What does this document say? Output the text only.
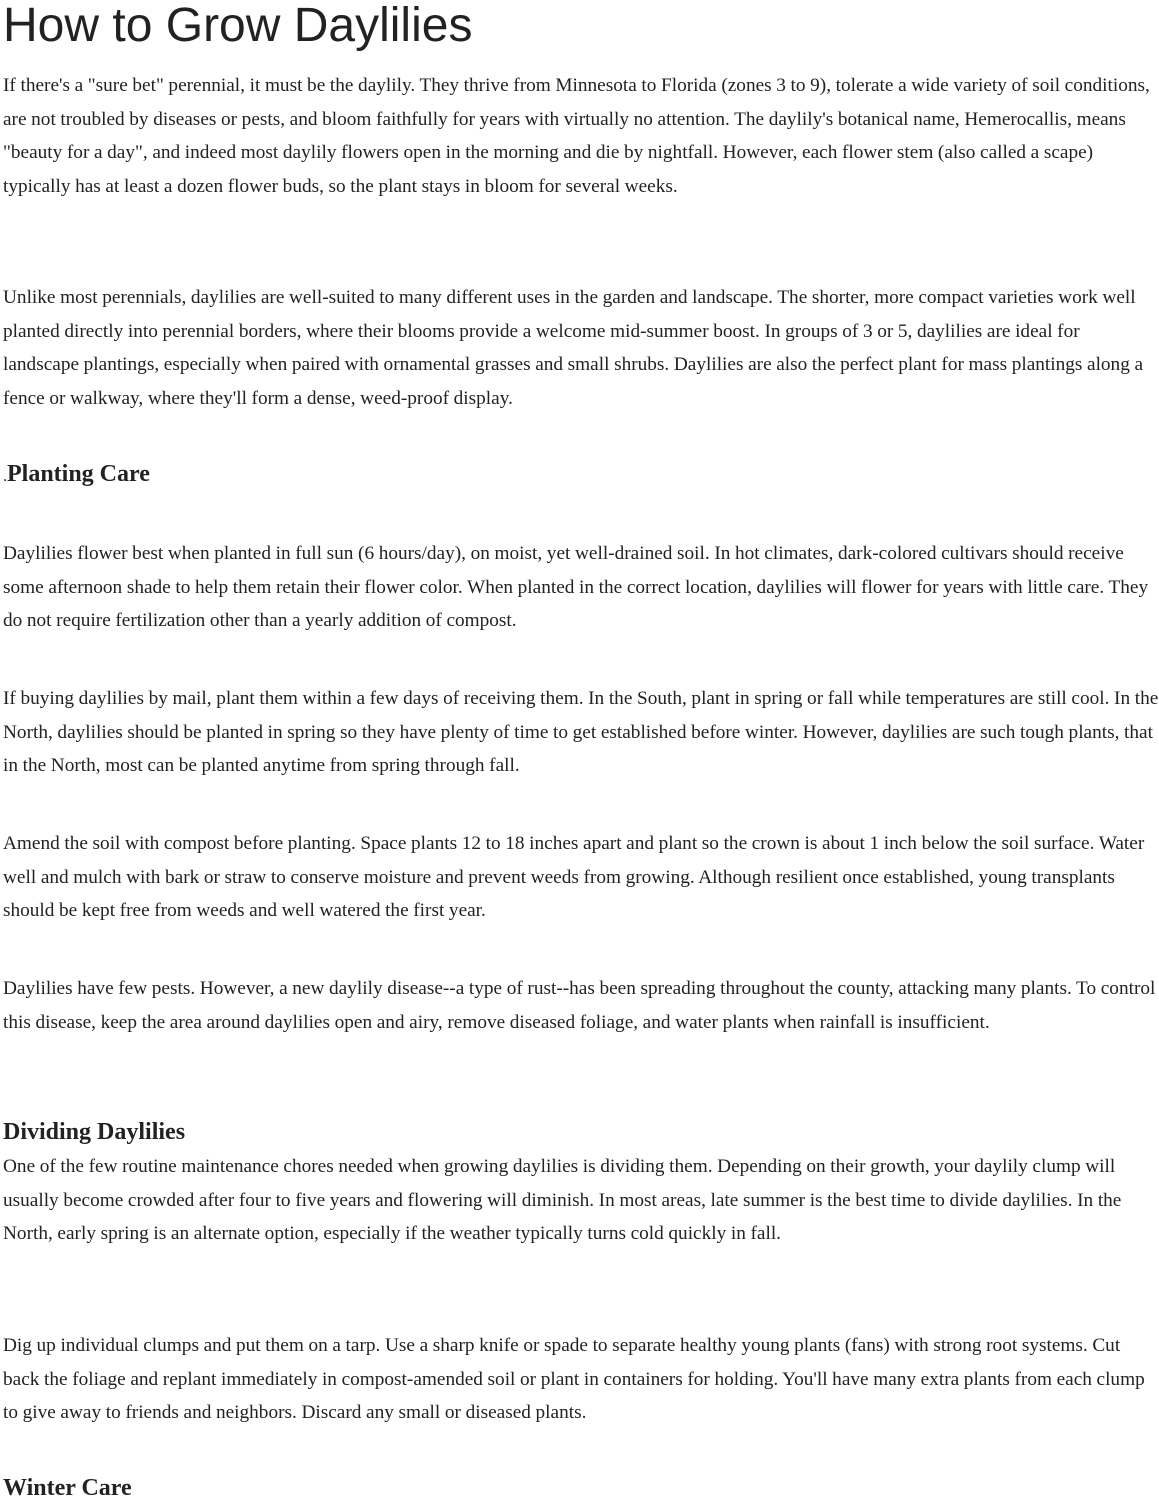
How to Grow Daylilies

If there's a "sure bet" perennial, it must be the daylily. They thrive from Minnesota to Florida (zones 3 to 9), tolerate a wide variety of soil conditions, are not troubled by diseases or pests, and bloom faithfully for years with virtually no attention. The daylily's botanical name, Hemerocallis, means "beauty for a day", and indeed most daylily flowers open in the morning and die by nightfall. However, each flower stem (also called a scape) typically has at least a dozen flower buds, so the plant stays in bloom for several weeks.

Unlike most perennials, daylilies are well-suited to many different uses in the garden and landscape. The shorter, more compact varieties work well planted directly into perennial borders, where their blooms provide a welcome mid-summer boost. In groups of 3 or 5, daylilies are ideal for landscape plantings, especially when paired with ornamental grasses and small shrubs. Daylilies are also the perfect plant for mass plantings along a fence or walkway, where they'll form a dense, weed-proof display.

.Planting Care

Daylilies flower best when planted in full sun (6 hours/day), on moist, yet well-drained soil. In hot climates, dark-colored cultivars should receive some afternoon shade to help them retain their flower color. When planted in the correct location, daylilies will flower for years with little care. They do not require fertilization other than a yearly addition of compost.

If buying daylilies by mail, plant them within a few days of receiving them. In the South, plant in spring or fall while temperatures are still cool. In the North, daylilies should be planted in spring so they have plenty of time to get established before winter. However, daylilies are such tough plants, that in the North, most can be planted anytime from spring through fall.

Amend the soil with compost before planting. Space plants 12 to 18 inches apart and plant so the crown is about 1 inch below the soil surface. Water well and mulch with bark or straw to conserve moisture and prevent weeds from growing. Although resilient once established, young transplants should be kept free from weeds and well watered the first year.

Daylilies have few pests. However, a new daylily disease--a type of rust--has been spreading throughout the county, attacking many plants. To control this disease, keep the area around daylilies open and airy, remove diseased foliage, and water plants when rainfall is insufficient.

Dividing Daylilies

One of the few routine maintenance chores needed when growing daylilies is dividing them. Depending on their growth, your daylily clump will usually become crowded after four to five years and flowering will diminish. In most areas, late summer is the best time to divide daylilies. In the North, early spring is an alternate option, especially if the weather typically turns cold quickly in fall.

Dig up individual clumps and put them on a tarp. Use a sharp knife or spade to separate healthy young plants (fans) with strong root systems. Cut back the foliage and replant immediately in compost-amended soil or plant in containers for holding. You'll have many extra plants from each clump to give away to friends and neighbors. Discard any small or diseased plants.

Winter Care
